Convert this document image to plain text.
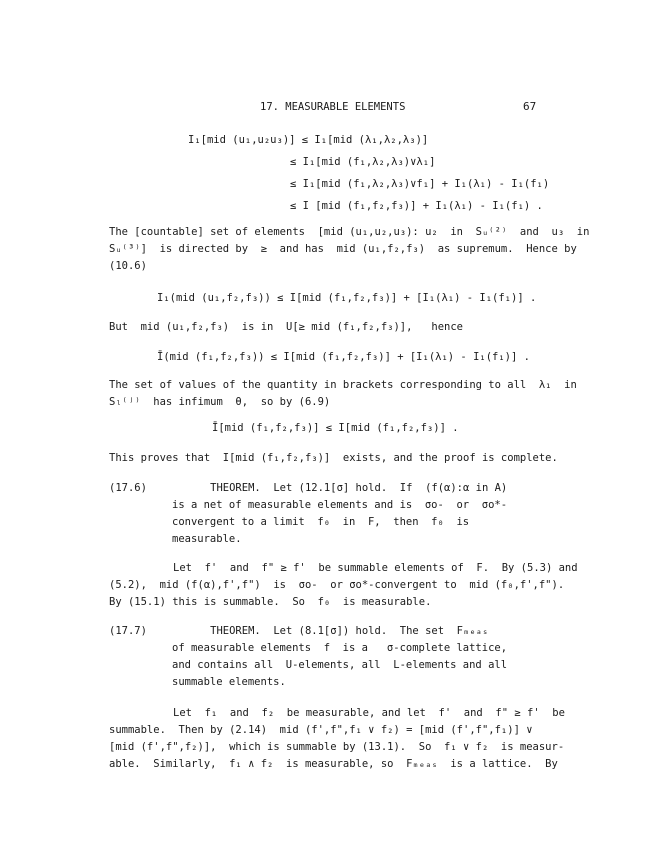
17. MEASURABLE ELEMENTS	67
I₁[mid (u₁,u₂u₃)] ≤ I₁[mid (λ₁,λ₂,λ₃)]
≤ I₁[mid (f₁,λ₂,λ₃)∨λ₁]
≤ I₁[mid (f₁,λ₂,λ₃)∨f₁] + I₁(λ₁) - I₁(f₁)
≤ I [mid (f₁,f₂,f₃)] + I₁(λ₁) - I₁(f₁) .
The [countable] set of elements  [mid (u₁,u₂,u₃): u₂  in  Sᵤ⁽²⁾  and  u₃  in
Sᵤ⁽³⁾]  is directed by  ≥  and has  mid (u₁,f₂,f₃)  as supremum.  Hence by
(10.6)
I₁(mid (u₁,f₂,f₃)) ≤ I[mid (f₁,f₂,f₃)] + [I₁(λ₁) - I₁(f₁)] .
But  mid (u₁,f₂,f₃)  is in  U[≥ mid (f₁,f₂,f₃)],   hence
Ī(mid (f₁,f₂,f₃)) ≤ I[mid (f₁,f₂,f₃)] + [I₁(λ₁) - I₁(f₁)] .
The set of values of the quantity in brackets corresponding to all  λ₁  in
Sₗ⁽ʲ⁾  has infimum  θ,  so by (6.9)
Ī[mid (f₁,f₂,f₃)] ≤ I[mid (f₁,f₂,f₃)] .
This proves that  I[mid (f₁,f₂,f₃)]  exists, and the proof is complete.
(17.6)          THEOREM.  Let (12.1[σ] hold.  If  (f(α):α in A)
is a net of measurable elements and is  σo-  or  σo*-
convergent to a limit  f₀  in  F,  then  f₀  is
measurable.
Let  f'  and  f" ≥ f'  be summable elements of  F.  By (5.3) and
(5.2),  mid (f(α),f',f")  is  σo-  or σo*-convergent to  mid (f₀,f',f").
By (15.1) this is summable.  So  f₀  is measurable.
(17.7)          THEOREM.  Let (8.1[σ]) hold.  The set  Fₘₑₐₛ
of measurable elements  f  is a   σ-complete lattice,
and contains all  U-elements, all  L-elements and all
summable elements.
Let  f₁  and  f₂  be measurable, and let  f'  and  f" ≥ f'  be
summable.  Then by (2.14)  mid (f',f",f₁ ∨ f₂) = [mid (f',f",f₁)] ∨
[mid (f',f",f₂)],  which is summable by (13.1).  So  f₁ ∨ f₂  is measur-
able.  Similarly,  f₁ ∧ f₂  is measurable, so  Fₘₑₐₛ  is a lattice.  By
